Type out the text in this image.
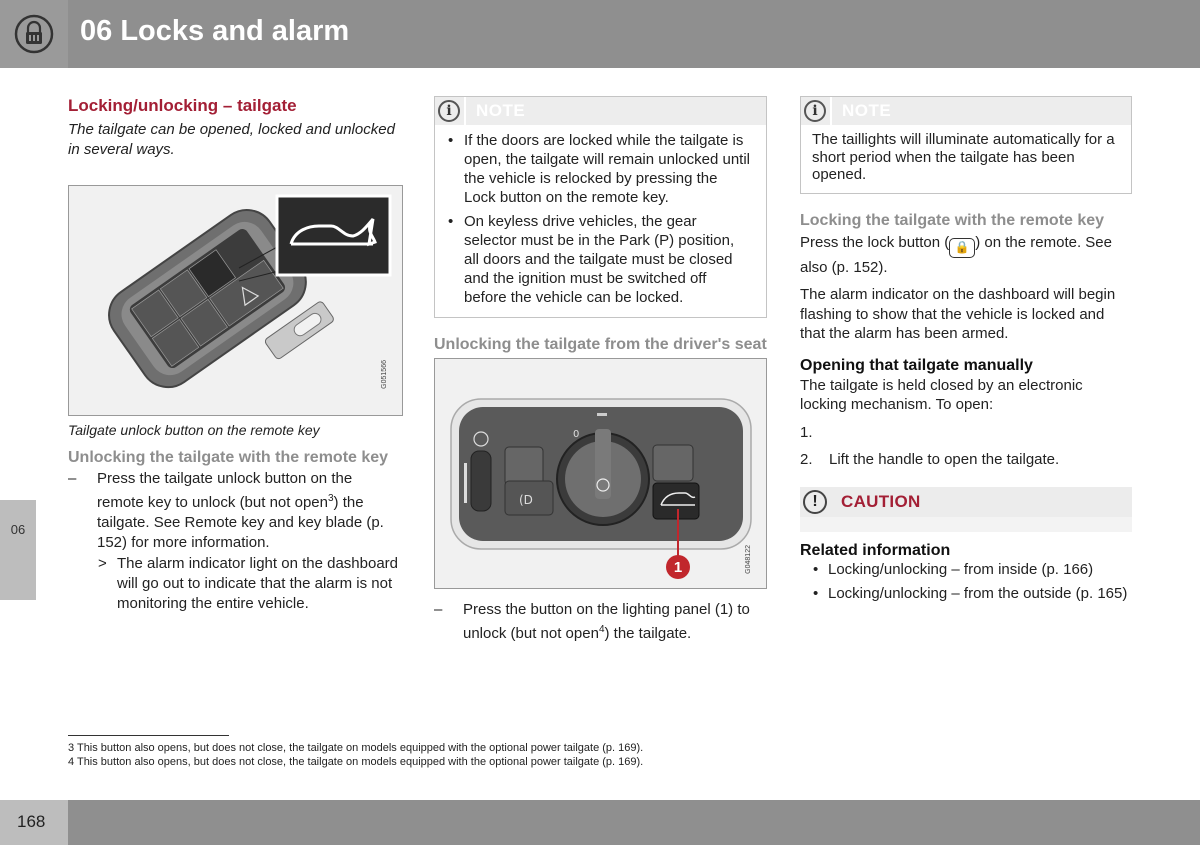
06 Locks and alarm
06
Locking/unlocking – tailgate
The tailgate can be opened, locked and unlocked in several ways.
G051566
Tailgate unlock button on the remote key
Unlocking the tailgate with the remote key
– Press the tailgate unlock button on the remote key to unlock (but not open$^3$) the tailgate. See Remote key and key blade (p. 152) for more information.
> The alarm indicator light on the dashboard will go out to indicate that the alarm is not monitoring the entire vehicle.
i	NOTE
• If the doors are locked while the tailgate is open, the tailgate will remain unlocked until the vehicle is relocked by pressing the Lock button on the remote key.
• On keyless drive vehicles, the gear selector must be in the Park (P) position, all doors and the tailgate must be closed and the ignition must be switched off before the vehicle can be locked.
Unlocking the tailgate from the driver's seat
(D
0
1	G048122
– Press the button on the lighting panel (1) to unlock (but not open$^4$) the tailgate.
i	NOTE
The taillights will illuminate automatically for a short period when the tailgate has been opened.
Locking the tailgate with the remote key

Press the lock button ( 🔒 ) on the remote. See also (p. 152).

The alarm indicator on the dashboard will begin flashing to show that the vehicle is locked and that the alarm has been armed.

Opening that tailgate manually

The tailgate is held closed by an electronic locking mechanism. To open:

1.

2. Lift the handle to open the tailgate.
!	CAUTION
Related information
• Locking/unlocking – from inside (p. 166)
• Locking/unlocking – from the outside (p. 165)
3 This button also opens, but does not close, the tailgate on models equipped with the optional power tailgate (p. 169).
4 This button also opens, but does not close, the tailgate on models equipped with the optional power tailgate (p. 169).
168
